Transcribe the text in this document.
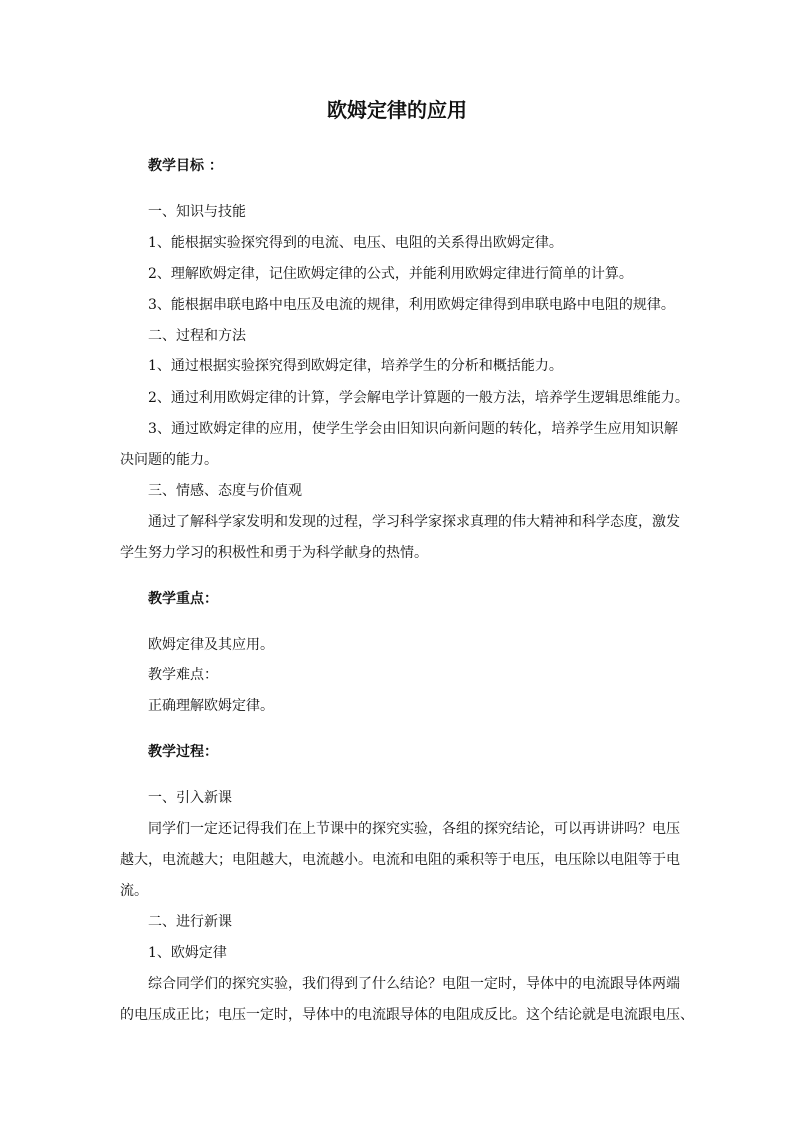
欧姆定律的应用
教学目标 ：
一、知识与技能
1、能根据实验探究得到的电流、电压、电阻的关系得出欧姆定律。
2、理解欧姆定律，记住欧姆定律的公式，并能利用欧姆定律进行简单的计算。
3、能根据串联电路中电压及电流的规律，利用欧姆定律得到串联电路中电阻的规律。
二、过程和方法
1、通过根据实验探究得到欧姆定律，培养学生的分析和概括能力。
2、通过利用欧姆定律的计算，学会解电学计算题的一般方法，培养学生逻辑思维能力。
3、通过欧姆定律的应用，使学生学会由旧知识向新问题的转化，培养学生应用知识解
决问题的能力。
三、情感、态度与价值观
通过了解科学家发明和发现的过程，学习科学家探求真理的伟大精神和科学态度，激发
学生努力学习的积极性和勇于为科学献身的热情。
教学重点：
欧姆定律及其应用。
教学难点：
正确理解欧姆定律。
教学过程：
一、引入新课
同学们一定还记得我们在上节课中的探究实验，各组的探究结论，可以再讲讲吗？电压
越大，电流越大；电阻越大，电流越小。电流和电阻的乘积等于电压，电压除以电阻等于电
流。
二、进行新课
1、欧姆定律
综合同学们的探究实验，我们得到了什么结论？电阻一定时，导体中的电流跟导体两端
的电压成正比；电压一定时，导体中的电流跟导体的电阻成反比。这个结论就是电流跟电压、
